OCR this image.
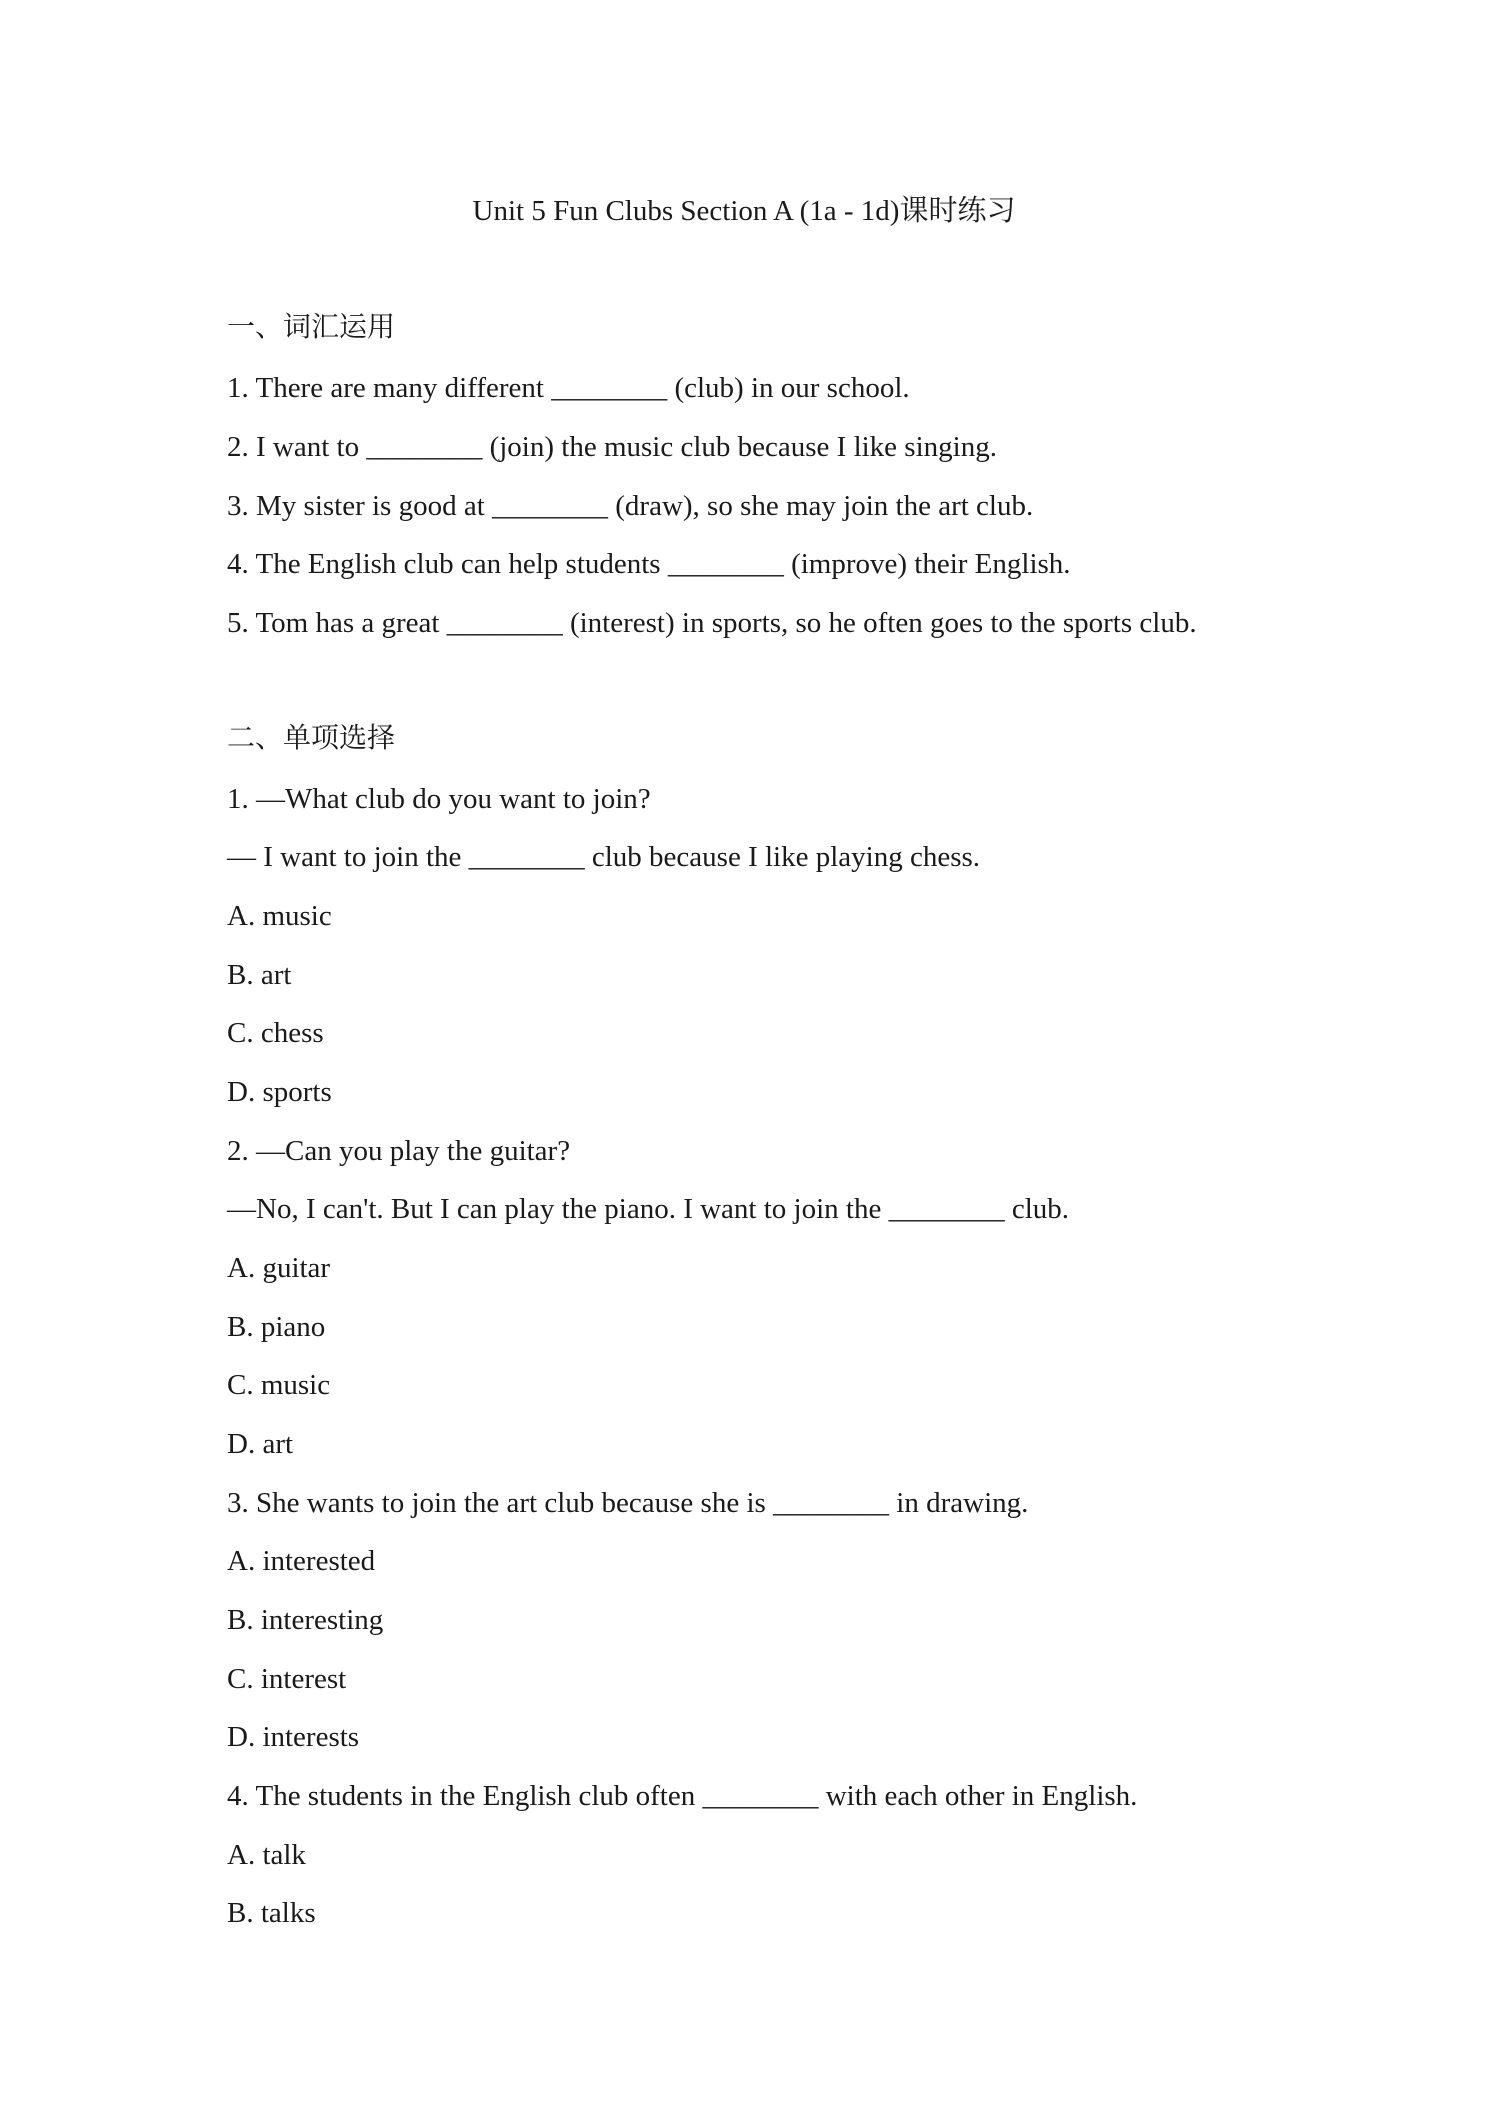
Unit 5 Fun Clubs Section A (1a - 1d)课时练习
一、词汇运用
1. There are many different ________ (club) in our school.
2. I want to ________ (join) the music club because I like singing.
3. My sister is good at ________ (draw), so she may join the art club.
4. The English club can help students ________ (improve) their English.
5. Tom has a great ________ (interest) in sports, so he often goes to the sports club.
二、单项选择
1. —What club do you want to join?
— I want to join the ________ club because I like playing chess.
A. music
B. art
C. chess
D. sports
2. —Can you play the guitar?
—No, I can't. But I can play the piano. I want to join the ________ club.
A. guitar
B. piano
C. music
D. art
3. She wants to join the art club because she is ________ in drawing.
A. interested
B. interesting
C. interest
D. interests
4. The students in the English club often ________ with each other in English.
A. talk
B. talks
